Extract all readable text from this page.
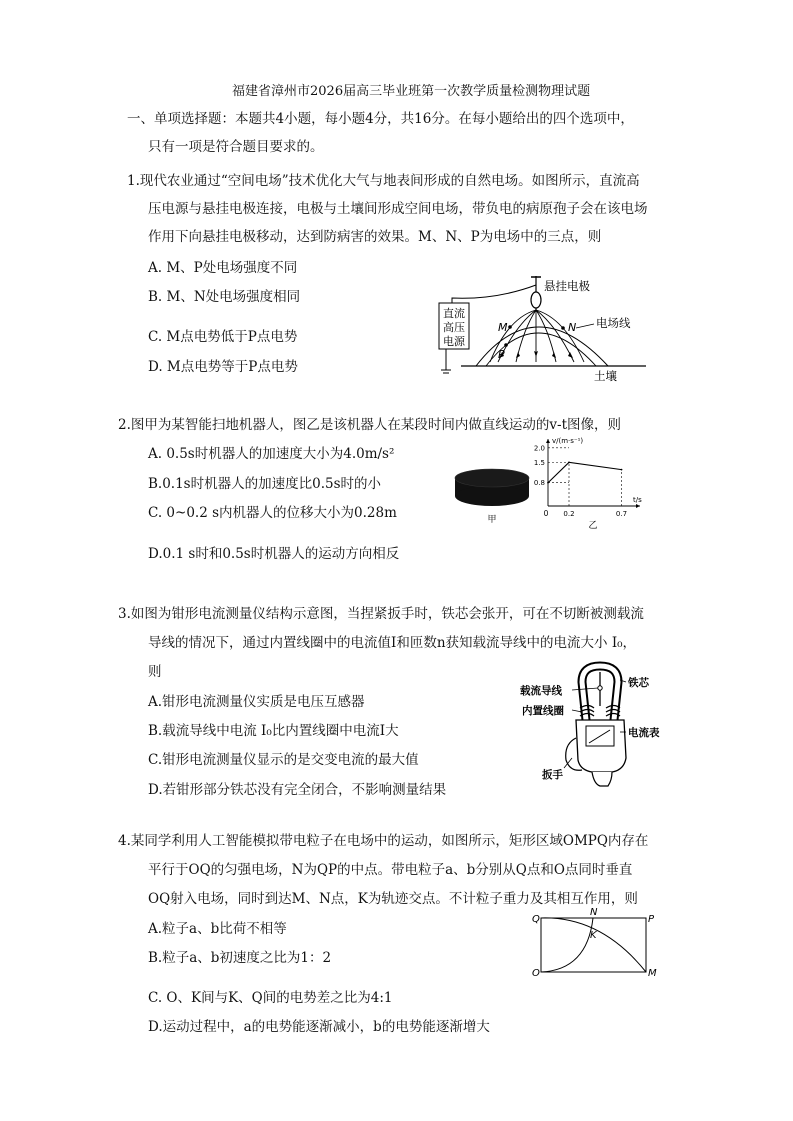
福建省漳州市2026届高三毕业班第一次教学质量检测物理试题
一、单项选择题：本题共4小题，每小题4分，共16分。在每小题给出的四个选项中，
只有一项是符合题目要求的。
1.现代农业通过“空间电场”技术优化大气与地表间形成的自然电场。如图所示，直流高
压电源与悬挂电极连接，电极与土壤间形成空间电场，带负电的病原孢子会在该电场
作用下向悬挂电极移动，达到防病害的效果。M、N、P为电场中的三点，则
A. M、P处电场强度不同
B. M、N处电场强度相同
C. M点电势低于P点电势
D. M点电势等于P点电势
直流
高压
电源
M	N
P
悬挂电极
电场线
土壤
2.图甲为某智能扫地机器人，图乙是该机器人在某段时间内做直线运动的v-t图像，则
A. 0.5s时机器人的加速度大小为4.0m/s²
B.0.1s时机器人的加速度比0.5s时的小
C. 0~0.2 s内机器人的位移大小为0.28m
D.0.1 s时和0.5s时机器人的运动方向相反
甲
v/(m·s⁻¹)
t/s
0
0.8
1.5
2.0
0.2	0.7
乙
3.如图为钳形电流测量仪结构示意图，当捏紧扳手时，铁芯会张开，可在不切断被测载流
导线的情况下，通过内置线圈中的电流值I和匝数n获知载流导线中的电流大小 I₀，
则
A.钳形电流测量仪实质是电压互感器
B.载流导线中电流 I₀比内置线圈中电流I大
C.钳形电流测量仪显示的是交变电流的最大值
D.若钳形部分铁芯没有完全闭合，不影响测量结果
载流导线
铁芯
内置线圈
电流表
扳手
4.某同学利用人工智能模拟带电粒子在电场中的运动，如图所示，矩形区域OMPQ内存在
平行于OQ的匀强电场，N为QP的中点。带电粒子a、b分别从Q点和O点同时垂直
OQ射入电场，同时到达M、N点，K为轨迹交点。不计粒子重力及其相互作用，则
A.粒子a、b比荷不相等
B.粒子a、b初速度之比为1：2
C. O、K间与K、Q间的电势差之比为4:1
D.运动过程中，a的电势能逐渐减小，b的电势能逐渐增大
Q
N
P
K
O	M
